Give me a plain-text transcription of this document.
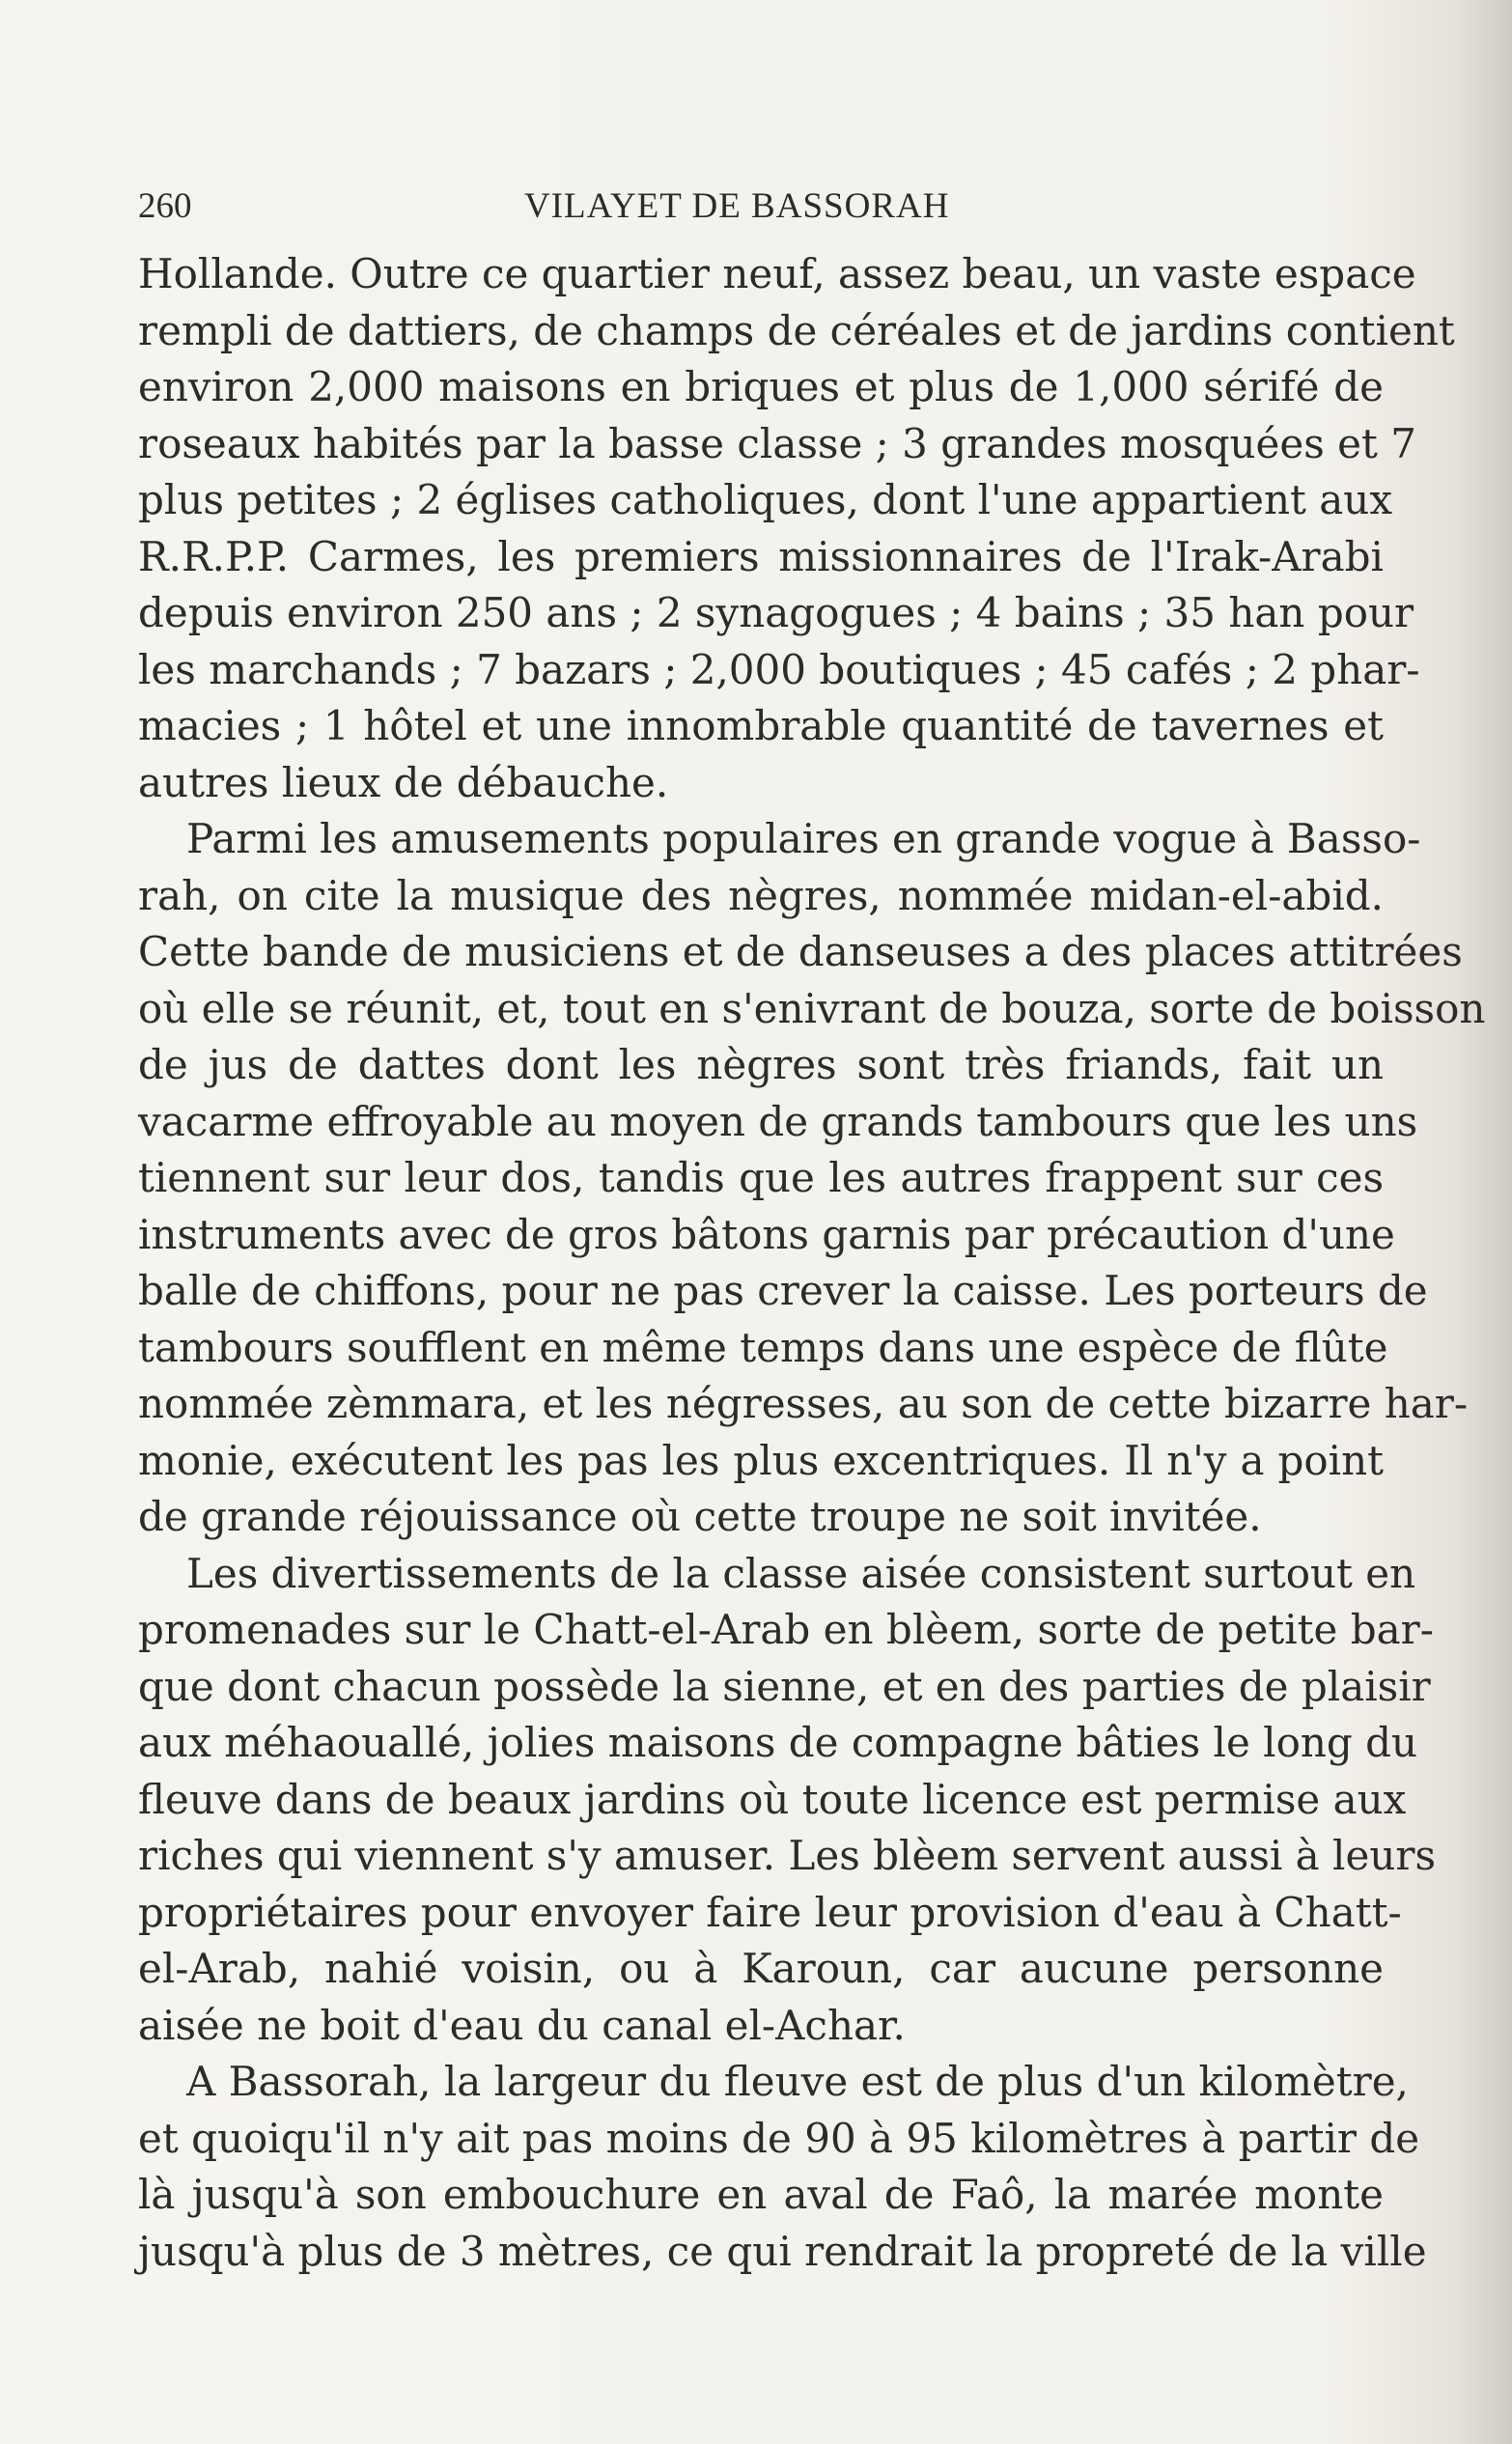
260	VILAYET DE BASSORAH

Hollande. Outre ce quartier neuf, assez beau, un vaste espace
rempli de dattiers, de champs de céréales et de jardins contient
environ 2,000 maisons en briques et plus de 1,000 sérifé de
roseaux habités par la basse classe ; 3 grandes mosquées et 7
plus petites ; 2 églises catholiques, dont l'une appartient aux
R.R.P.P. Carmes, les premiers missionnaires de l'Irak-Arabi
depuis environ 250 ans ; 2 synagogues ; 4 bains ; 35 han pour
les marchands ; 7 bazars ; 2,000 boutiques ; 45 cafés ; 2 phar-
macies ; 1 hôtel et une innombrable quantité de tavernes et
autres lieux de débauche.

Parmi les amusements populaires en grande vogue à Basso-
rah, on cite la musique des nègres, nommée midan-el-abid.
Cette bande de musiciens et de danseuses a des places attitrées
où elle se réunit, et, tout en s'enivrant de bouza, sorte de boisson
de jus de dattes dont les nègres sont très friands, fait un
vacarme effroyable au moyen de grands tambours que les uns
tiennent sur leur dos, tandis que les autres frappent sur ces
instruments avec de gros bâtons garnis par précaution d'une
balle de chiffons, pour ne pas crever la caisse. Les porteurs de
tambours soufflent en même temps dans une espèce de flûte
nommée zèmmara, et les négresses, au son de cette bizarre har-
monie, exécutent les pas les plus excentriques. Il n'y a point
de grande réjouissance où cette troupe ne soit invitée.

Les divertissements de la classe aisée consistent surtout en
promenades sur le Chatt-el-Arab en blèem, sorte de petite bar-
que dont chacun possède la sienne, et en des parties de plaisir
aux méhaouallé, jolies maisons de compagne bâties le long du
fleuve dans de beaux jardins où toute licence est permise aux
riches qui viennent s'y amuser. Les blèem servent aussi à leurs
propriétaires pour envoyer faire leur provision d'eau à Chatt-
el-Arab, nahié voisin, ou à Karoun, car aucune personne
aisée ne boit d'eau du canal el-Achar.

A Bassorah, la largeur du fleuve est de plus d'un kilomètre,
et quoiqu'il n'y ait pas moins de 90 à 95 kilomètres à partir de
là jusqu'à son embouchure en aval de Faô, la marée monte
jusqu'à plus de 3 mètres, ce qui rendrait la propreté de la ville
